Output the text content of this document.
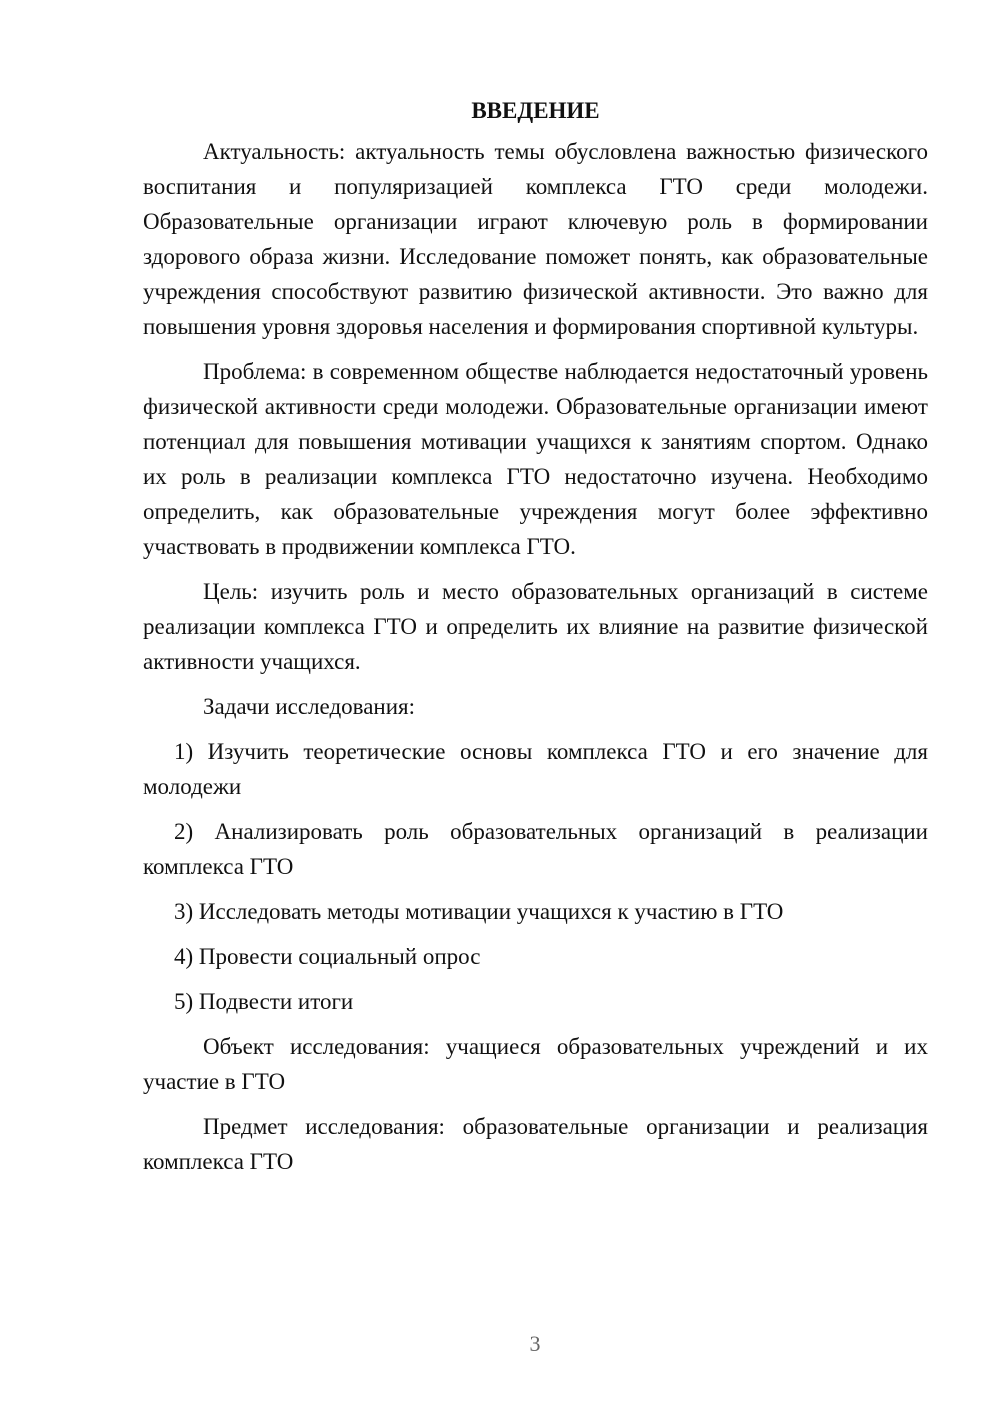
ВВЕДЕНИЕ

Актуальность: актуальность темы обусловлена важностью физического воспитания и популяризацией комплекса ГТО среди молодежи. Образовательные организации играют ключевую роль в формировании здорового образа жизни. Исследование поможет понять, как образовательные учреждения способствуют развитию физической активности. Это важно для повышения уровня здоровья населения и формирования спортивной культуры.

Проблема: в современном обществе наблюдается недостаточный уровень физической активности среди молодежи. Образовательные организации имеют потенциал для повышения мотивации учащихся к занятиям спортом. Однако их роль в реализации комплекса ГТО недостаточно изучена. Необходимо определить, как образовательные учреждения могут более эффективно участвовать в продвижении комплекса ГТО.

Цель: изучить роль и место образовательных организаций в системе реализации комплекса ГТО и определить их влияние на развитие физической активности учащихся.

Задачи исследования:

1) Изучить теоретические основы комплекса ГТО и его значение для молодежи

2) Анализировать роль образовательных организаций в реализации комплекса ГТО

3) Исследовать методы мотивации учащихся к участию в ГТО

4) Провести социальный опрос

5) Подвести итоги

Объект исследования: учащиеся образовательных учреждений и их участие в ГТО

Предмет исследования: образовательные организации и реализация комплекса ГТО

3
